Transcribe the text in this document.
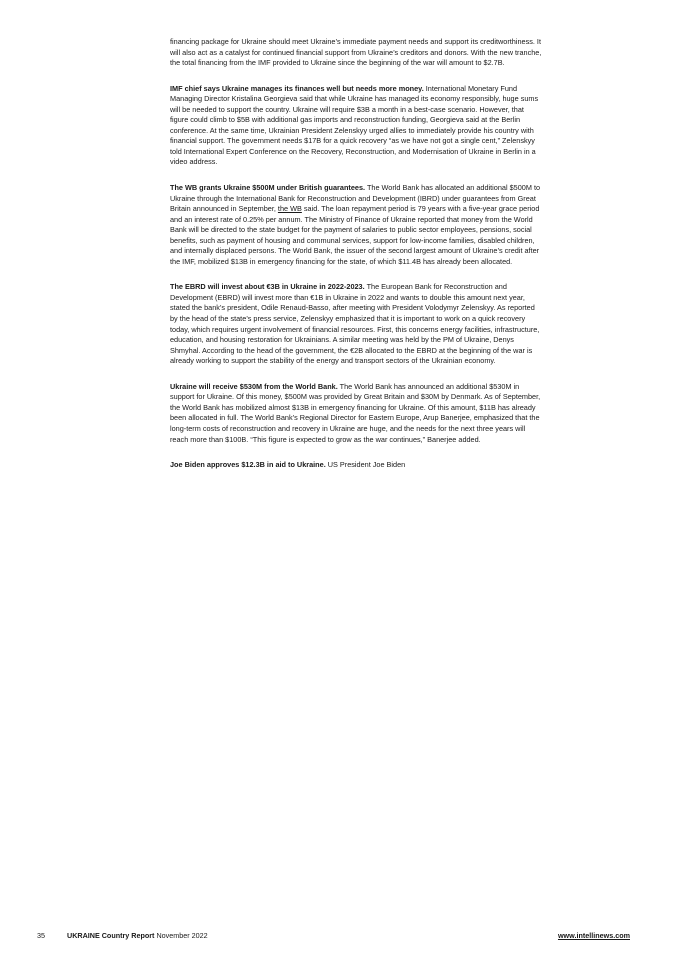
financing package for Ukraine should meet Ukraine’s immediate payment needs and support its creditworthiness. It will also act as a catalyst for continued financial support from Ukraine’s creditors and donors. With the new tranche, the total financing from the IMF provided to Ukraine since the beginning of the war will amount to $2.7B.

IMF chief says Ukraine manages its finances well but needs more money. International Monetary Fund Managing Director Kristalina Georgieva said that while Ukraine has managed its economy responsibly, huge sums will be needed to support the country. Ukraine will require $3B a month in a best-case scenario. However, that figure could climb to $5B with additional gas imports and reconstruction funding, Georgieva said at the Berlin conference. At the same time, Ukrainian President Zelenskyy urged allies to immediately provide his country with financial support. The government needs $17B for a quick recovery “as we have not got a single cent,” Zelenskyy told International Expert Conference on the Recovery, Reconstruction, and Modernisation of Ukraine in Berlin in a video address.

The WB grants Ukraine $500M under British guarantees. The World Bank has allocated an additional $500M to Ukraine through the International Bank for Reconstruction and Development (IBRD) under guarantees from Great Britain announced in September, the WB said. The loan repayment period is 79 years with a five-year grace period and an interest rate of 0.25% per annum. The Ministry of Finance of Ukraine reported that money from the World Bank will be directed to the state budget for the payment of salaries to public sector employees, pensions, social benefits, such as payment of housing and communal services, support for low-income families, disabled children, and internally displaced persons. The World Bank, the issuer of the second largest amount of Ukraine’s credit after the IMF, mobilized $13B in emergency financing for the state, of which $11.4B has already been allocated.

The EBRD will invest about €3B in Ukraine in 2022-2023. The European Bank for Reconstruction and Development (EBRD) will invest more than €1B in Ukraine in 2022 and wants to double this amount next year, stated the bank’s president, Odile Renaud-Basso, after meeting with President Volodymyr Zelenskyy. As reported by the head of the state’s press service, Zelenskyy emphasized that it is important to work on a quick recovery today, which requires urgent involvement of financial resources. First, this concerns energy facilities, infrastructure, education, and housing restoration for Ukrainians. A similar meeting was held by the PM of Ukraine, Denys Shmyhal. According to the head of the government, the €2B allocated to the EBRD at the beginning of the war is already working to support the stability of the energy and transport sectors of the Ukrainian economy.

Ukraine will receive $530M from the World Bank. The World Bank has announced an additional $530M in support for Ukraine. Of this money, $500M was provided by Great Britain and $30M by Denmark. As of September, the World Bank has mobilized almost $13B in emergency financing for Ukraine. Of this amount, $11B has already been allocated in full. The World Bank’s Regional Director for Eastern Europe, Arup Banerjee, emphasized that the long-term costs of reconstruction and recovery in Ukraine are huge, and the needs for the next three years will reach more than $100B. “This figure is expected to grow as the war continues,” Banerjee added.

Joe Biden approves $12.3B in aid to Ukraine. US President Joe Biden

35	UKRAINE Country Report November 2022	www.intellinews.com
